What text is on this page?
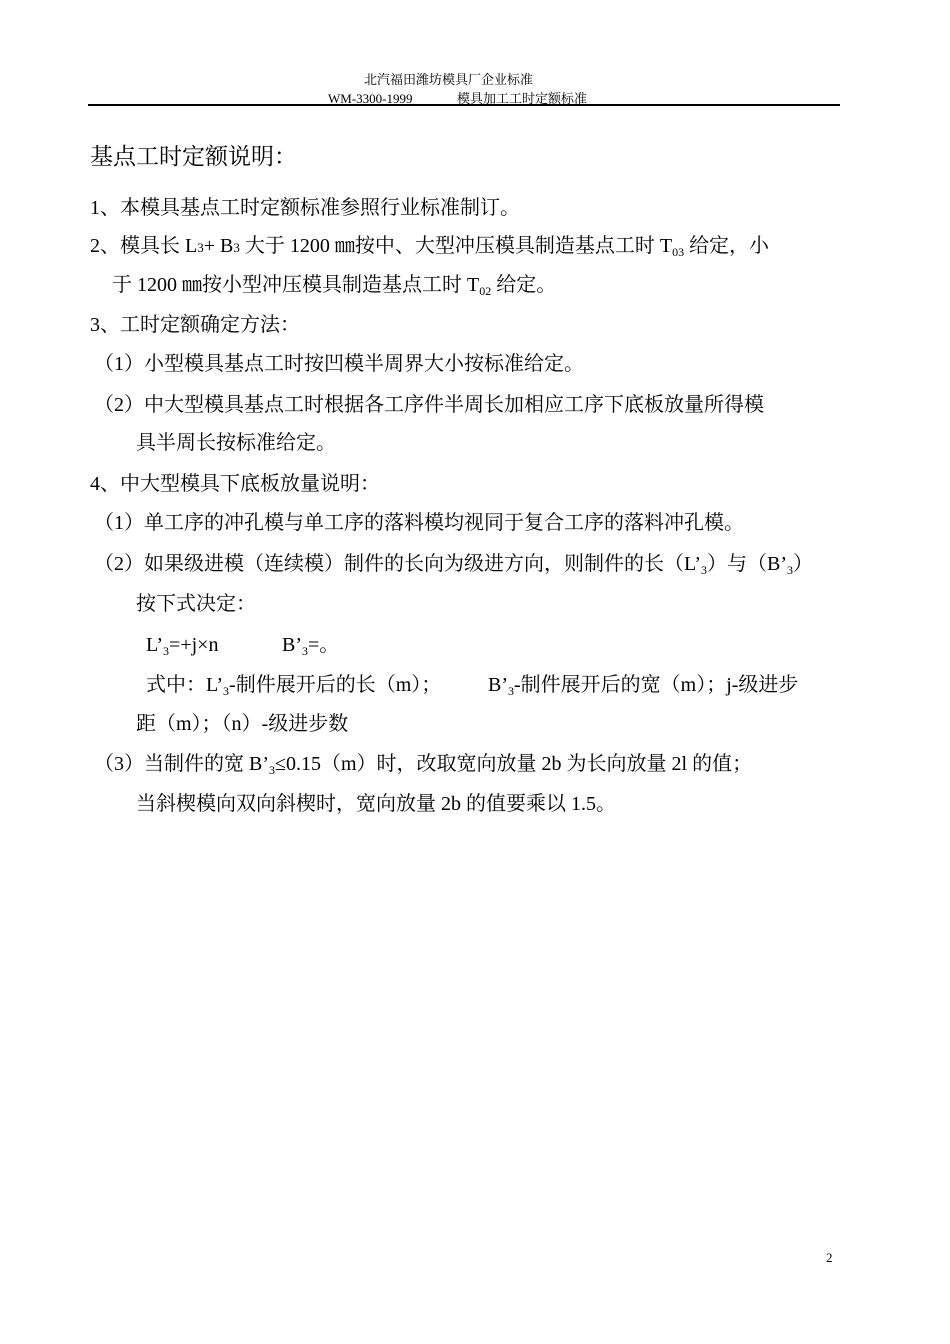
北汽福田潍坊模具厂企业标准
WM-3300-1999	模具加工工时定额标准
基点工时定额说明：
1、本模具基点工时定额标准参照行业标准制订。
2、模具长 L3+ B3 大于 1200 ㎜按中、大型冲压模具制造基点工时 $T_{03}$ 给定，小
于 1200 ㎜按小型冲压模具制造基点工时 $T_{02}$ 给定。
3、工时定额确定方法：
（1）小型模具基点工时按凹模半周界大小按标准给定。
（2）中大型模具基点工时根据各工序件半周长加相应工序下底板放量所得模
具半周长按标准给定。
4、中大型模具下底板放量说明：
（1）单工序的冲孔模与单工序的落料模均视同于复合工序的落料冲孔模。
（2）如果级进模（连续模）制件的长向为级进方向，则制件的长$(L’_3)$与$(B’_3)$
按下式决定：
$L’_3=+j\times n$	$B’_3=$。
式中：$L’_3-$制件展开后的长（m）； $B’_3-$制件展开后的宽（m）；j-级进步
距（m）；（n）-级进步数
（3）当制件的宽 $B’_3\le 0.15(m)$时，改取宽向放量 2b 为长向放量 2l 的值；
当斜楔模向双向斜楔时，宽向放量 2b 的值要乘以 1.5。
2
